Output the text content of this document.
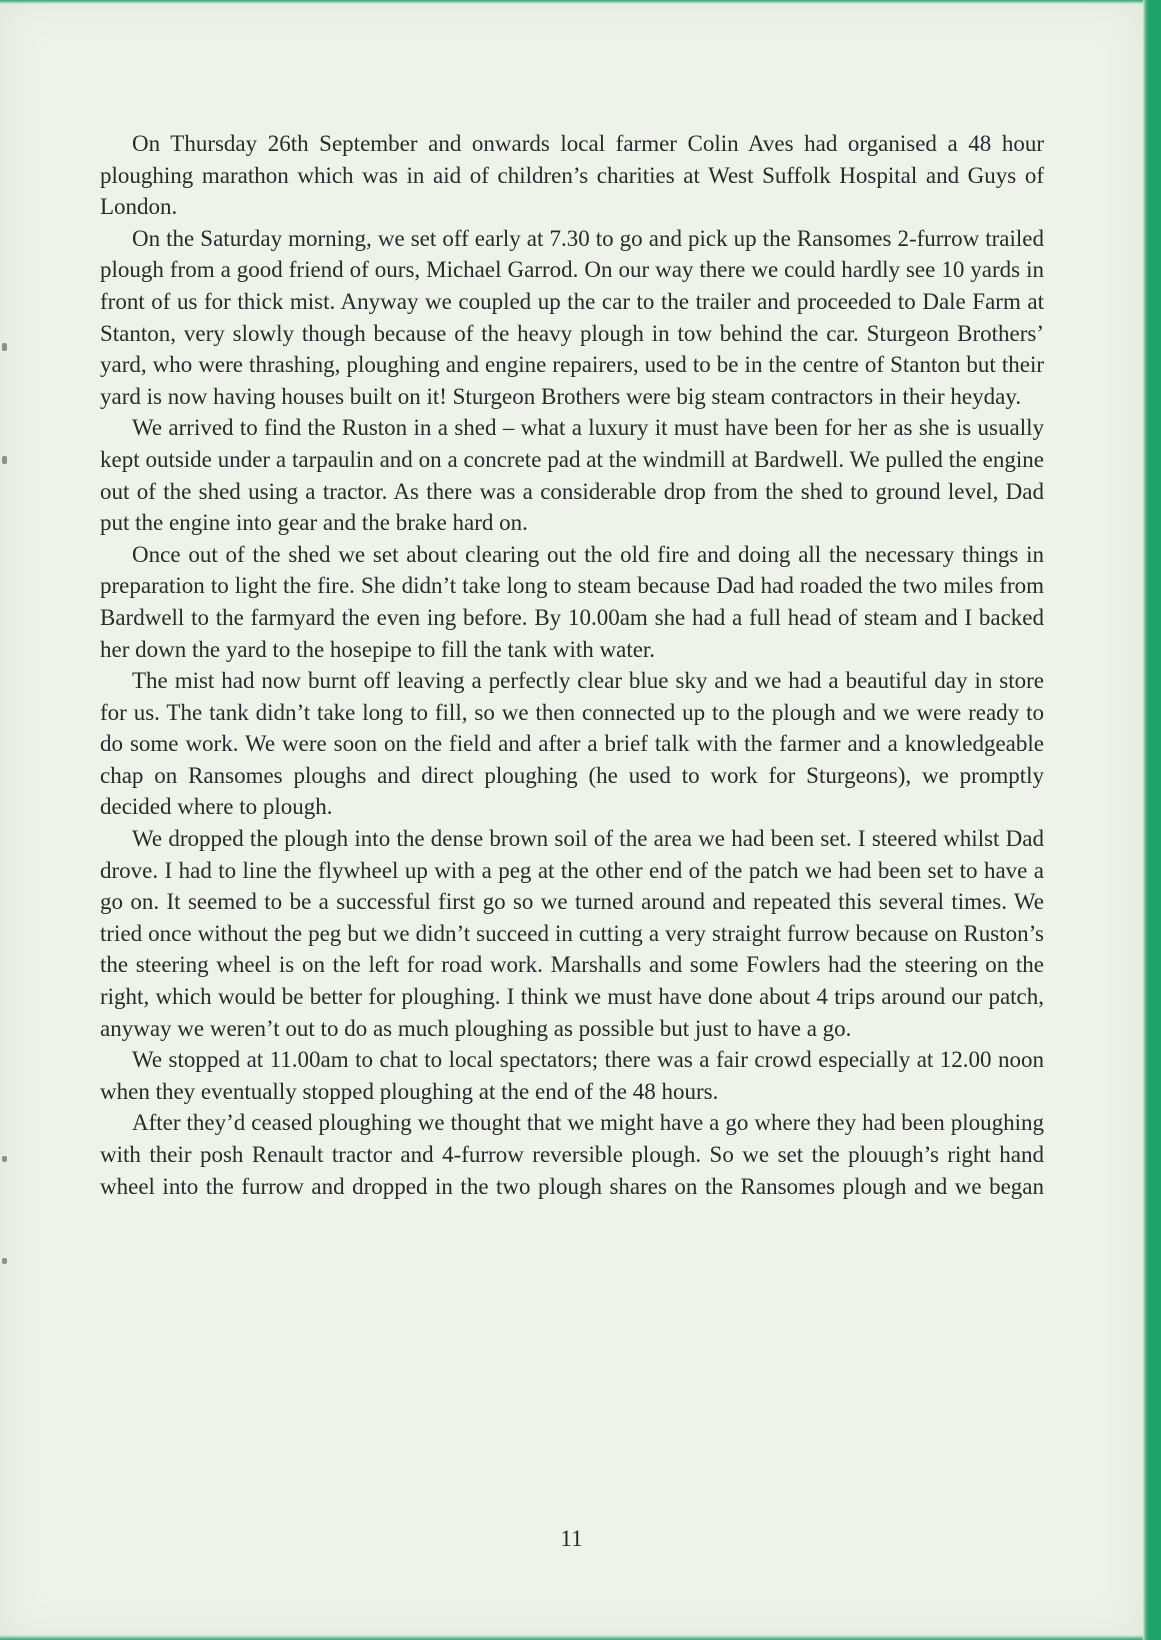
On Thursday 26th September and onwards local farmer Colin Aves had organised a 48 hour ploughing marathon which was in aid of children’s charities at West Suffolk Hospital and Guys of London.

On the Saturday morning, we set off early at 7.30 to go and pick up the Ransomes 2-furrow trailed plough from a good friend of ours, Michael Garrod. On our way there we could hardly see 10 yards in front of us for thick mist. Anyway we coupled up the car to the trailer and proceeded to Dale Farm at Stanton, very slowly though because of the heavy plough in tow behind the car. Sturgeon Brothers’ yard, who were thrashing, ploughing and engine repairers, used to be in the centre of Stanton but their yard is now having houses built on it! Sturgeon Brothers were big steam contractors in their heyday.

We arrived to find the Ruston in a shed – what a luxury it must have been for her as she is usually kept outside under a tarpaulin and on a concrete pad at the windmill at Bardwell. We pulled the engine out of the shed using a tractor. As there was a considerable drop from the shed to ground level, Dad put the engine into gear and the brake hard on.

Once out of the shed we set about clearing out the old fire and doing all the necessary things in preparation to light the fire. She didn’t take long to steam because Dad had roaded the two miles from Bardwell to the farmyard the even ing before. By 10.00am she had a full head of steam and I backed her down the yard to the hosepipe to fill the tank with water.

The mist had now burnt off leaving a perfectly clear blue sky and we had a beautiful day in store for us. The tank didn’t take long to fill, so we then connected up to the plough and we were ready to do some work. We were soon on the field and after a brief talk with the farmer and a knowledgeable chap on Ransomes ploughs and direct ploughing (he used to work for Sturgeons), we promptly decided where to plough.

We dropped the plough into the dense brown soil of the area we had been set. I steered whilst Dad drove. I had to line the flywheel up with a peg at the other end of the patch we had been set to have a go on. It seemed to be a successful first go so we turned around and repeated this several times. We tried once without the peg but we didn’t succeed in cutting a very straight furrow because on Ruston’s the steering wheel is on the left for road work. Marshalls and some Fowlers had the steering on the right, which would be better for ploughing. I think we must have done about 4 trips around our patch, anyway we weren’t out to do as much ploughing as possible but just to have a go.

We stopped at 11.00am to chat to local spectators; there was a fair crowd especially at 12.00 noon when they eventually stopped ploughing at the end of the 48 hours.

After they’d ceased ploughing we thought that we might have a go where they had been ploughing with their posh Renault tractor and 4-furrow reversible plough. So we set the plouugh’s right hand wheel into the furrow and dropped in the two plough shares on the Ransomes plough and we began

11
